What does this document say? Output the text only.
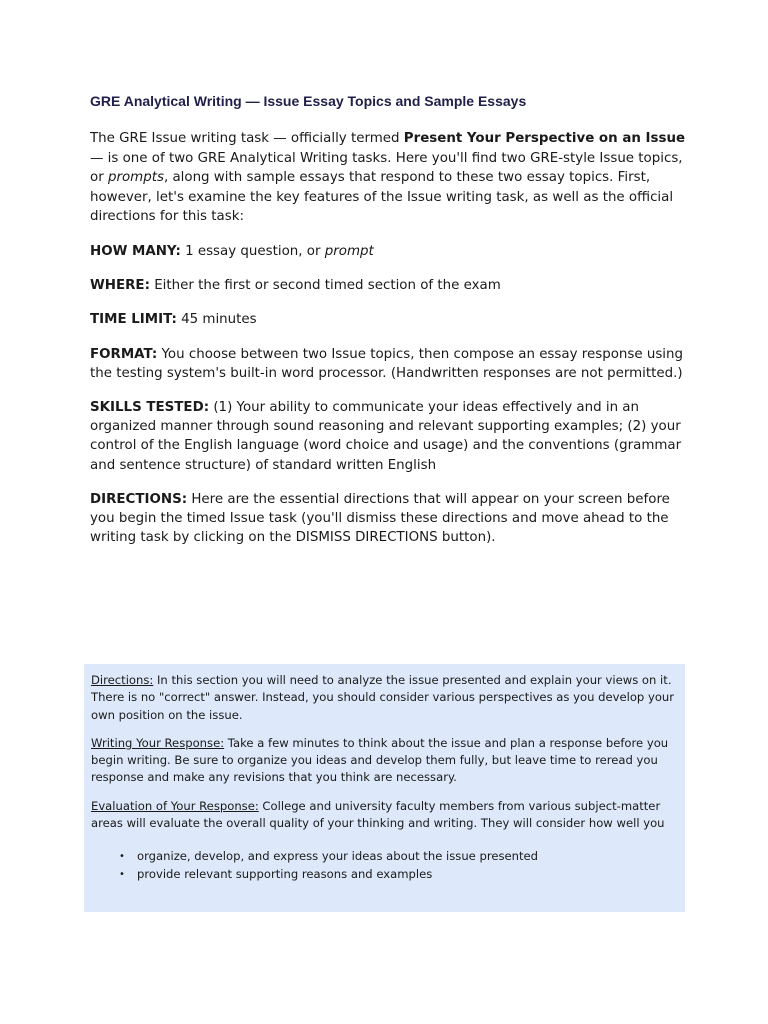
GRE Analytical Writing — Issue Essay Topics and Sample Essays

The GRE Issue writing task — officially termed Present Your Perspective on an Issue — is one of two GRE Analytical Writing tasks. Here you'll find two GRE-style Issue topics, or prompts, along with sample essays that respond to these two essay topics. First, however, let's examine the key features of the Issue writing task, as well as the official directions for this task:

HOW MANY: 1 essay question, or prompt

WHERE: Either the first or second timed section of the exam

TIME LIMIT: 45 minutes

FORMAT: You choose between two Issue topics, then compose an essay response using the testing system's built-in word processor. (Handwritten responses are not permitted.)

SKILLS TESTED: (1) Your ability to communicate your ideas effectively and in an organized manner through sound reasoning and relevant supporting examples; (2) your control of the English language (word choice and usage) and the conventions (grammar and sentence structure) of standard written English

DIRECTIONS: Here are the essential directions that will appear on your screen before you begin the timed Issue task (you'll dismiss these directions and move ahead to the writing task by clicking on the DISMISS DIRECTIONS button).

Directions: In this section you will need to analyze the issue presented and explain your views on it. There is no "correct" answer. Instead, you should consider various perspectives as you develop your own position on the issue.

Writing Your Response: Take a few minutes to think about the issue and plan a response before you begin writing. Be sure to organize you ideas and develop them fully, but leave time to reread you response and make any revisions that you think are necessary.

Evaluation of Your Response: College and university faculty members from various subject-matter areas will evaluate the overall quality of your thinking and writing. They will consider how well you

• organize, develop, and express your ideas about the issue presented
• provide relevant supporting reasons and examples
